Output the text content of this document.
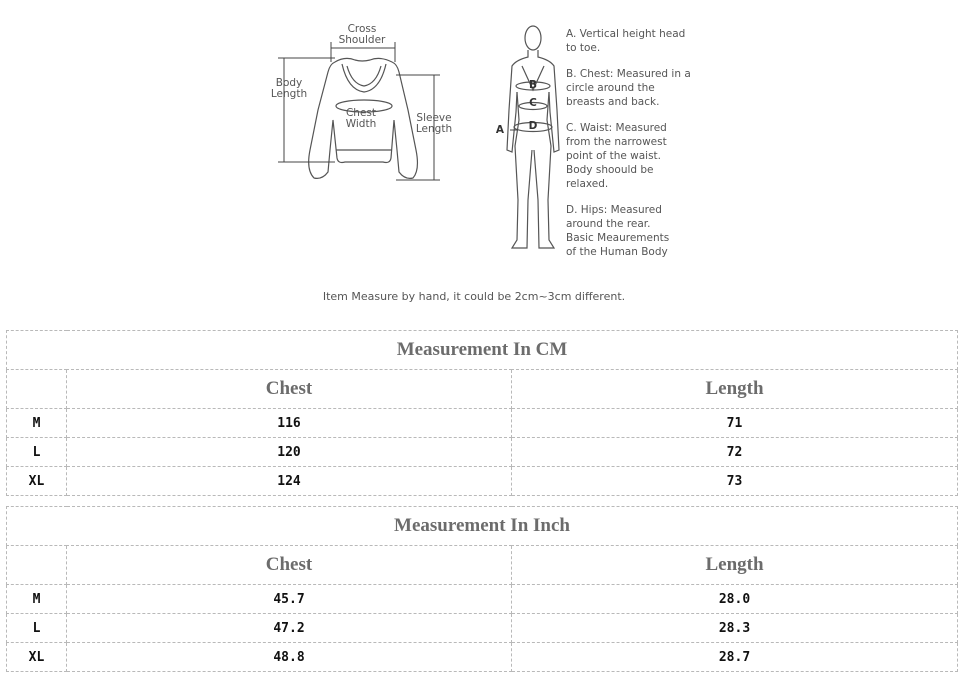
Cross
Shoulder
Body
Length
Chest
Width	Sleeve
Length	A
B
C
D
A. Vertical height head
to toe.
B. Chest: Measured in a
circle around the
breasts and back.
C. Waist: Measured
from the narrowest
point of the waist.
Body shoould be
relaxed.
D. Hips: Measured
around the rear.
Basic Meaurements
of the Human Body
Item Measure by hand, it could be 2cm~3cm different.
Measurement In CM		
	Chest	Length
M	116	71
L	120	72
XL	124	73
Measurement In Inch		
	Chest	Length
M	45.7	28.0
L	47.2	28.3
XL	48.8	28.7
